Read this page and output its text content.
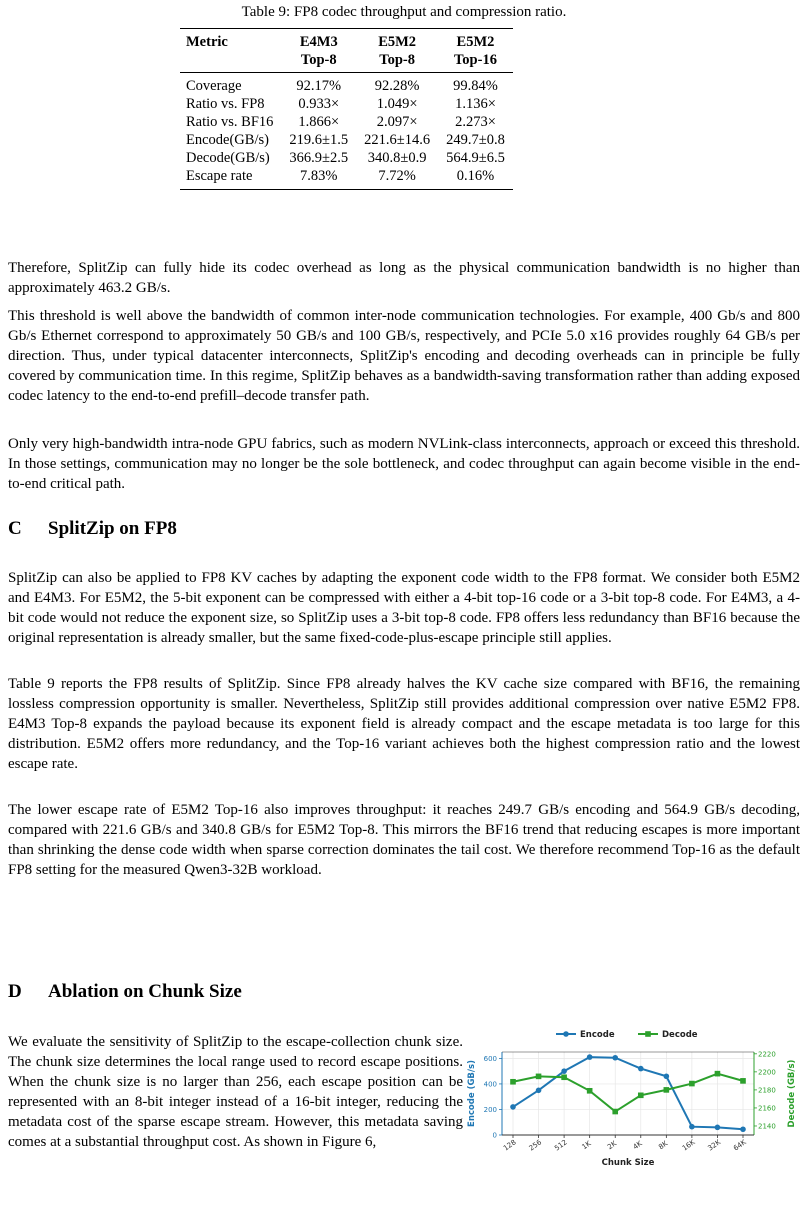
Table 9: FP8 codec throughput and compression ratio.
Metric	E4M3	E5M2	E5M2
	Top-8	Top-8	Top-16
Coverage	92.17%	92.28%	99.84%
Ratio vs. FP8	0.933×	1.049×	1.136×
Ratio vs. BF16	1.866×	2.097×	2.273×
Encode(GB/s)	219.6±1.5	221.6±14.6	249.7±0.8
Decode(GB/s)	366.9±2.5	340.8±0.9	564.9±6.5
Escape rate	7.83%	7.72%	0.16%

Therefore, SplitZip can fully hide its codec overhead as long as the physical communication bandwidth is no higher than approximately 463.2 GB/s.

This threshold is well above the bandwidth of common inter-node communication technologies. For example, 400 Gb/s and 800 Gb/s Ethernet correspond to approximately 50 GB/s and 100 GB/s, respectively, and PCIe 5.0 x16 provides roughly 64 GB/s per direction. Thus, under typical datacenter interconnects, SplitZip's encoding and decoding overheads can in principle be fully covered by communication time. In this regime, SplitZip behaves as a bandwidth-saving transformation rather than adding exposed codec latency to the end-to-end prefill–decode transfer path.

Only very high-bandwidth intra-node GPU fabrics, such as modern NVLink-class interconnects, approach or exceed this threshold. In those settings, communication may no longer be the sole bottleneck, and codec throughput can again become visible in the end-to-end critical path.

C SplitZip on FP8

SplitZip can also be applied to FP8 KV caches by adapting the exponent code width to the FP8 format. We consider both E5M2 and E4M3. For E5M2, the 5-bit exponent can be compressed with either a 4-bit top-16 code or a 3-bit top-8 code. For E4M3, a 4-bit code would not reduce the exponent size, so SplitZip uses a 3-bit top-8 code. FP8 offers less redundancy than BF16 because the original representation is already smaller, but the same fixed-code-plus-escape principle still applies.

Table 9 reports the FP8 results of SplitZip. Since FP8 already halves the KV cache size compared with BF16, the remaining lossless compression opportunity is smaller. Nevertheless, SplitZip still provides additional compression over native E5M2 FP8. E4M3 Top-8 expands the payload because its exponent field is already compact and the escape metadata is too large for this distribution. E5M2 offers more redundancy, and the Top-16 variant achieves both the highest compression ratio and the lowest escape rate.

The lower escape rate of E5M2 Top-16 also improves throughput: it reaches 249.7 GB/s encoding and 564.9 GB/s decoding, compared with 221.6 GB/s and 340.8 GB/s for E5M2 Top-8. This mirrors the BF16 trend that reducing escapes is more important than shrinking the dense code width when sparse correction dominates the tail cost. We therefore recommend Top-16 as the default FP8 setting for the measured Qwen3-32B workload.

D Ablation on Chunk Size

We evaluate the sensitivity of SplitZip to the escape-collection chunk size. The chunk size determines the local range used to record escape positions. When the chunk size is no larger than 256, each escape position can be represented with an 8-bit integer instead of a 16-bit integer, reducing the metadata cost of the sparse escape stream. However, this metadata saving comes at a substantial throughput cost. As shown in Figure 6,	0
200
400
600
2140
2160
2180
2200
2220
128 256 512 1K 2K 4K 8K 16K 32K 64K
Chunk Size
Encode (GB/s)	Decode (GB/s)
Encode	Decode
